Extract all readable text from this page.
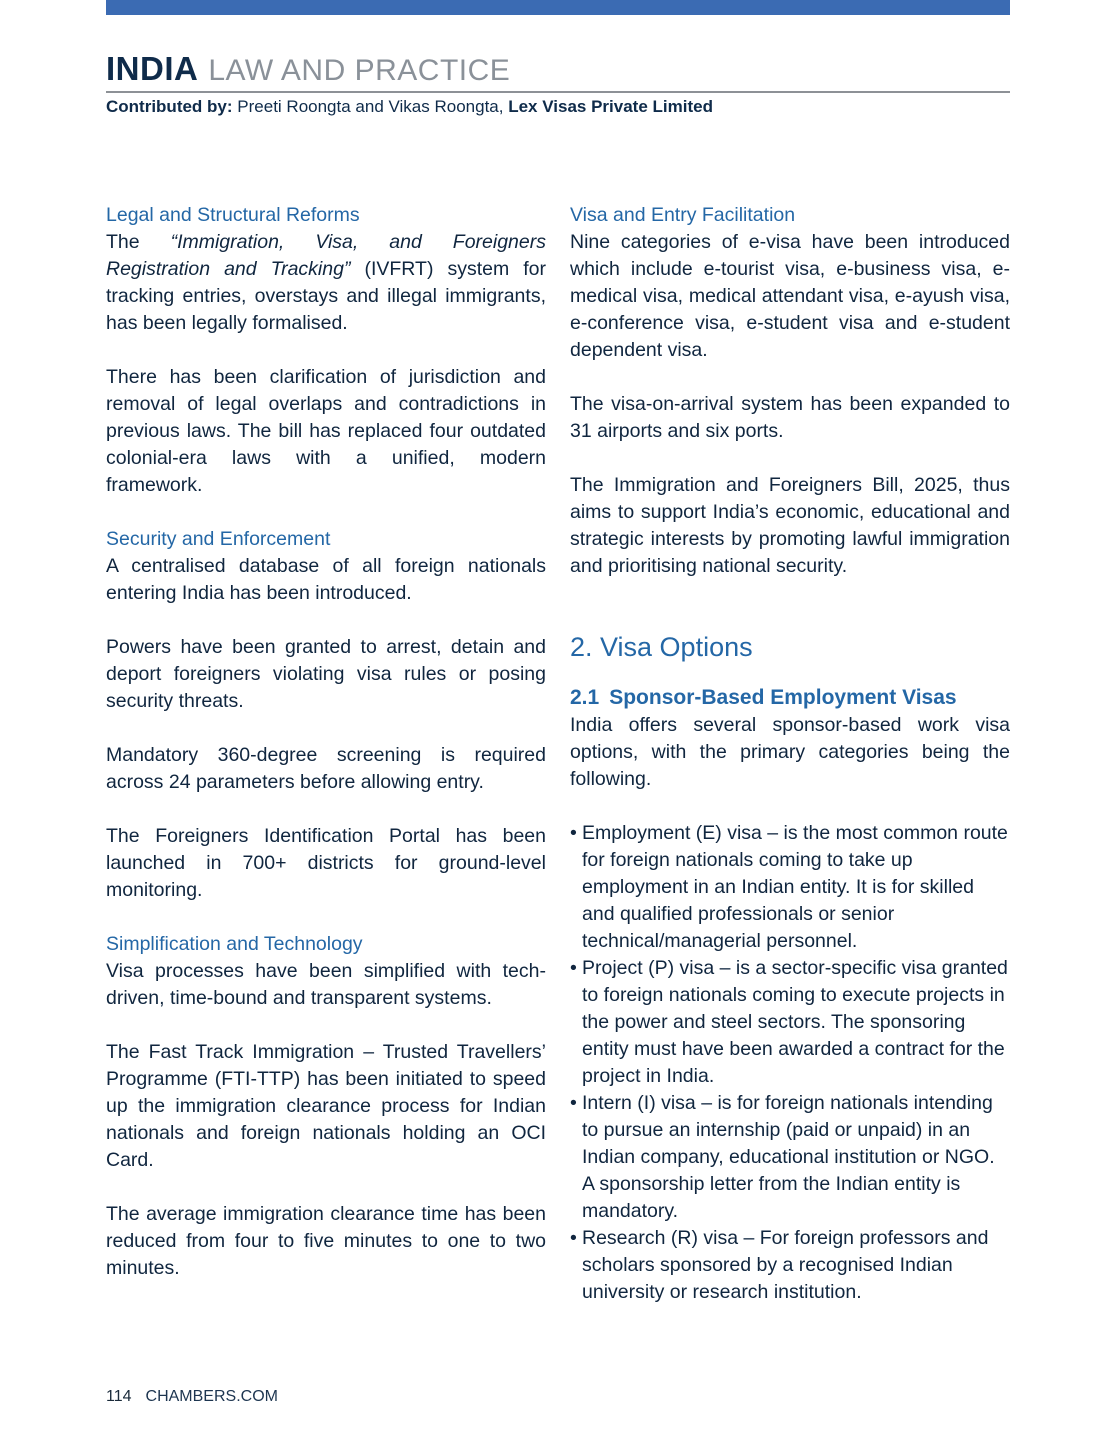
INDIA LAW AND PRACTICE
Contributed by: Preeti Roongta and Vikas Roongta, Lex Visas Private Limited
Legal and Structural Reforms

The “Immigration, Visa, and Foreigners Registration and Tracking” (IVFRT) system for tracking entries, overstays and illegal immigrants, has been legally formalised.

There has been clarification of jurisdiction and removal of legal overlaps and contradictions in previous laws. The bill has replaced four outdated colonial-era laws with a unified, modern framework.

Security and Enforcement

A centralised database of all foreign nationals entering India has been introduced.

Powers have been granted to arrest, detain and deport foreigners violating visa rules or posing security threats.

Mandatory 360-degree screening is required across 24 parameters before allowing entry.

The Foreigners Identification Portal has been launched in 700+ districts for ground-level monitoring.

Simplification and Technology

Visa processes have been simplified with tech-driven, time-bound and transparent systems.

The Fast Track Immigration – Trusted Travellers’ Programme (FTI-TTP) has been initiated to speed up the immigration clearance process for Indian nationals and foreign nationals holding an OCI Card.

The average immigration clearance time has been reduced from four to five minutes to one to two minutes.

Visa and Entry Facilitation

Nine categories of e-visa have been introduced which include e-tourist visa, e-business visa, e-medical visa, medical attendant visa, e-ayush visa, e-conference visa, e-student visa and e-student dependent visa.

The visa-on-arrival system has been expanded to 31 airports and six ports.

The Immigration and Foreigners Bill, 2025, thus aims to support India’s economic, educational and strategic interests by promoting lawful immigration and prioritising national security.

2. Visa Options
2.1 Sponsor-Based Employment Visas

India offers several sponsor-based work visa options, with the primary categories being the following.

• Employment (E) visa – is the most common route for foreign nationals coming to take up employment in an Indian entity. It is for skilled and qualified professionals or senior technical/managerial personnel.
• Project (P) visa – is a sector-specific visa granted to foreign nationals coming to execute projects in the power and steel sectors. The sponsoring entity must have been awarded a contract for the project in India.
• Intern (I) visa – is for foreign nationals intending to pursue an internship (paid or unpaid) in an Indian company, educational institution or NGO. A sponsorship letter from the Indian entity is mandatory.
• Research (R) visa – For foreign professors and scholars sponsored by a recognised Indian university or research institution.
114 CHAMBERS.COM
